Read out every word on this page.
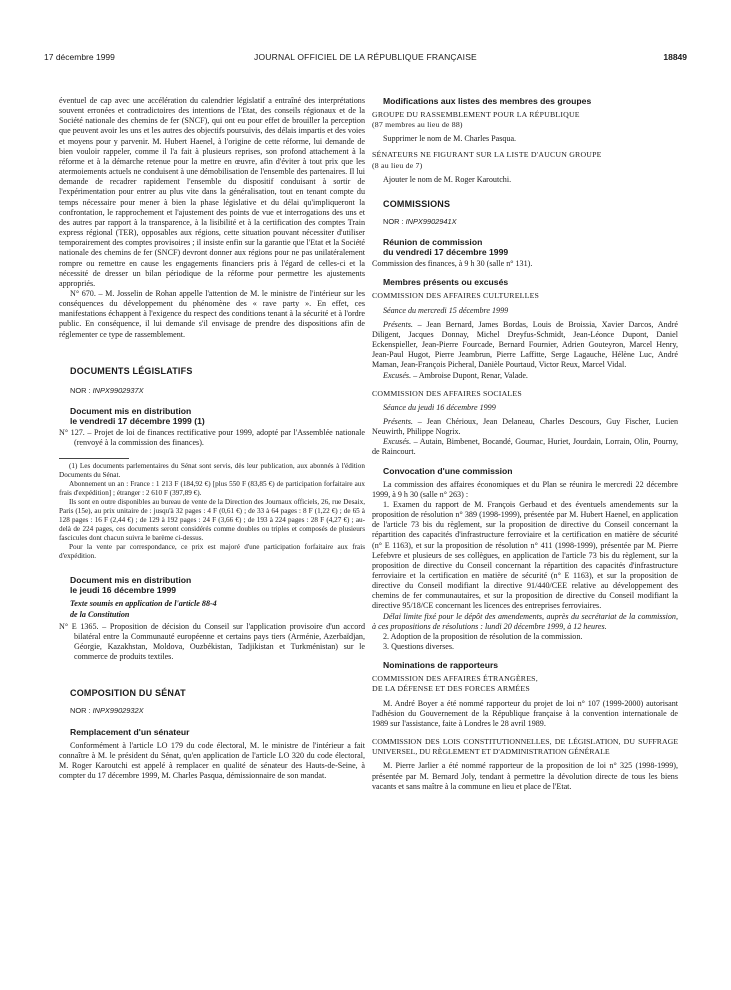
17 décembre 1999	JOURNAL OFFICIEL DE LA RÉPUBLIQUE FRANÇAISE	18849

éventuel de cap avec une accélération du calendrier législatif a entraîné des interprétations souvent erronées et contradictoires des intentions de l'Etat, des conseils régionaux et de la Société nationale des chemins de fer (SNCF), qui ont eu pour effet de brouiller la perception que peuvent avoir les uns et les autres des objectifs poursuivis, des délais impartis et des voies et moyens pour y parvenir. M. Hubert Haenel, à l'origine de cette réforme, lui demande de bien vouloir rappeler, comme il l'a fait à plusieurs reprises, son profond attachement à la réforme et à la démarche retenue pour la mettre en œuvre, afin d'éviter à tout prix que les atermoiements actuels ne conduisent à une démobilisation de l'ensemble des partenaires. Il lui demande de recadrer rapidement l'ensemble du dispositif conduisant à sortir de l'expérimentation pour entrer au plus vite dans la généralisation, tout en tenant compte du temps nécessaire pour mener à bien la phase législative et du délai qu'impliqueront la confrontation, le rapprochement et l'ajustement des points de vue et interrogations des uns et des autres par rapport à la transparence, à la lisibilité et à la certification des comptes Train express régional (TER), opposables aux régions, cette situation pouvant nécessiter d'utiliser temporairement des comptes provisoires ; il insiste enfin sur la garantie que l'Etat et la Société nationale des chemins de fer (SNCF) devront donner aux régions pour ne pas unilatéralement rompre ou remettre en cause les engagements financiers pris à l'égard de celles-ci et la nécessité de dresser un bilan périodique de la réforme pour permettre les ajustements appropriés.

N° 670. – M. Josselin de Rohan appelle l'attention de M. le ministre de l'intérieur sur les conséquences du développement du phénomène des « rave party ». En effet, ces manifestations échappent à l'exigence du respect des conditions tenant à la sécurité et à l'ordre public. En conséquence, il lui demande s'il envisage de prendre des dispositions afin de réglementer ce type de rassemblement.

DOCUMENTS LÉGISLATIFS

NOR : INPX9902937X

Document mis en distribution

le vendredi 17 décembre 1999 (1)

N° 127. – Projet de loi de finances rectificative pour 1999, adopté par l'Assemblée nationale (renvoyé à la commission des finances).

(1) Les documents parlementaires du Sénat sont servis, dès leur publication, aux abonnés à l'édition Documents du Sénat.

Abonnement un an : France : 1 213 F (184,92 €) [plus 550 F (83,85 €) de participation forfaitaire aux frais d'expédition] ; étranger : 2 610 F (397,89 €).

Ils sont en outre disponibles au bureau de vente de la Direction des Journaux officiels, 26, rue Desaix, Paris (15e), au prix unitaire de : jusqu'à 32 pages : 4 F (0,61 €) ; de 33 à 64 pages : 8 F (1,22 €) ; de 65 à 128 pages : 16 F (2,44 €) ; de 129 à 192 pages : 24 F (3,66 €) ; de 193 à 224 pages : 28 F (4,27 €) ; au-delà de 224 pages, ces documents seront considérés comme doubles ou triples et composés de plusieurs fascicules dont chacun suivra le barème ci-dessus.

Pour la vente par correspondance, ce prix est majoré d'une participation forfaitaire aux frais d'expédition.

Document mis en distribution

le jeudi 16 décembre 1999

Texte soumis en application de l'article 88-4

de la Constitution

N° E 1365. – Proposition de décision du Conseil sur l'application provisoire d'un accord bilatéral entre la Communauté européenne et certains pays tiers (Arménie, Azerbaïdjan, Géorgie, Kazakhstan, Moldova, Ouzbékistan, Tadjikistan et Turkménistan) sur le commerce de produits textiles.

COMPOSITION DU SÉNAT

NOR : INPX9902932X

Remplacement d'un sénateur

Conformément à l'article LO 179 du code électoral, M. le ministre de l'intérieur a fait connaître à M. le président du Sénat, qu'en application de l'article LO 320 du code électoral, M. Roger Karoutchi est appelé à remplacer en qualité de sénateur des Hauts-de-Seine, à compter du 17 décembre 1999, M. Charles Pasqua, démissionnaire de son mandat.

Modifications aux listes des membres des groupes

GROUPE DU RASSEMBLEMENT POUR LA RÉPUBLIQUE

(87 membres au lieu de 88)

Supprimer le nom de M. Charles Pasqua.

SÉNATEURS NE FIGURANT SUR LA LISTE D'AUCUN GROUPE

(8 au lieu de 7)

Ajouter le nom de M. Roger Karoutchi.

COMMISSIONS

NOR : INPX9902941X

Réunion de commission

du vendredi 17 décembre 1999

Commission des finances, à 9 h 30 (salle n° 131).

Membres présents ou excusés

COMMISSION DES AFFAIRES CULTURELLES

Séance du mercredi 15 décembre 1999

Présents. – Jean Bernard, James Bordas, Louis de Broissia, Xavier Darcos, André Diligent, Jacques Donnay, Michel Dreyfus-Schmidt, Jean-Léonce Dupont, Daniel Eckenspieller, Jean-Pierre Fourcade, Bernard Fournier, Adrien Gouteyron, Marcel Henry, Jean-Paul Hugot, Pierre Jeambrun, Pierre Laffitte, Serge Lagauche, Hélène Luc, André Maman, Jean-François Picheral, Danièle Pourtaud, Victor Reux, Marcel Vidal.

Excusés. – Ambroise Dupont, Renar, Valade.

COMMISSION DES AFFAIRES SOCIALES

Séance du jeudi 16 décembre 1999

Présents. – Jean Chérioux, Jean Delaneau, Charles Descours, Guy Fischer, Lucien Neuwirth, Philippe Nogrix.

Excusés. – Autain, Bimbenet, Bocandé, Gournac, Huriet, Jourdain, Lorrain, Olin, Pourny, de Raincourt.

Convocation d'une commission

La commission des affaires économiques et du Plan se réunira le mercredi 22 décembre 1999, à 9 h 30 (salle n° 263) :

1. Examen du rapport de M. François Gerbaud et des éventuels amendements sur la proposition de résolution n° 389 (1998-1999), présentée par M. Hubert Haenel, en application de l'article 73 bis du règlement, sur la proposition de directive du Conseil concernant la répartition des capacités d'infrastructure ferroviaire et la certification en matière de sécurité (n° E 1163), et sur la proposition de résolution n° 411 (1998-1999), présentée par M. Pierre Lefebvre et plusieurs de ses collègues, en application de l'article 73 bis du règlement, sur la proposition de directive du Conseil concernant la répartition des capacités d'infrastructure ferroviaire et la certification en matière de sécurité (n° E 1163), et sur la proposition de directive du Conseil modifiant la directive 91/440/CEE relative au développement des chemins de fer communautaires, et sur la proposition de directive du Conseil modifiant la directive 95/18/CE concernant les licences des entreprises ferroviaires.

Délai limite fixé pour le dépôt des amendements, auprès du secrétariat de la commission, à ces propositions de résolutions : lundi 20 décembre 1999, à 12 heures.

2. Adoption de la proposition de résolution de la commission.

3. Questions diverses.

Nominations de rapporteurs

COMMISSION DES AFFAIRES ÉTRANGÈRES,

DE LA DÉFENSE ET DES FORCES ARMÉES

M. André Boyer a été nommé rapporteur du projet de loi n° 107 (1999-2000) autorisant l'adhésion du Gouvernement de la République française à la convention internationale de 1989 sur l'assistance, faite à Londres le 28 avril 1989.

COMMISSION DES LOIS CONSTITUTIONNELLES, DE LÉGISLATION, DU SUFFRAGE UNIVERSEL, DU RÈGLEMENT ET D'ADMINISTRATION GÉNÉRALE

M. Pierre Jarlier a été nommé rapporteur de la proposition de loi n° 325 (1998-1999), présentée par M. Bernard Joly, tendant à permettre la dévolution directe de tous les biens vacants et sans maître à la commune en lieu et place de l'Etat.
